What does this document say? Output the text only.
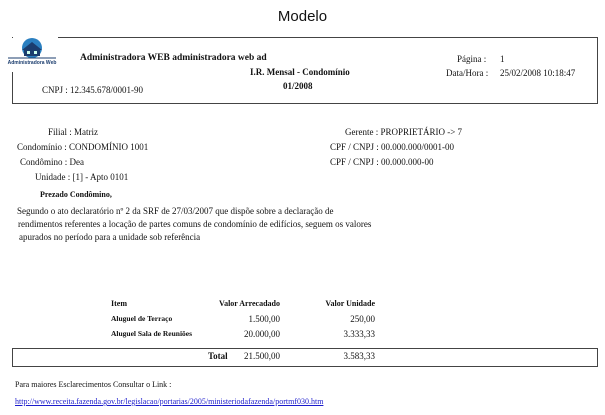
Modelo
Administradora Web Administradora WEB administradora web ad
I.R. Mensal - Condomínio
01/2008
CNPJ : 12.345.678/0001-90
Página : 1
Data/Hora : 25/02/2008 10:18:47
Filial : Matriz	Gerente : PROPRIETÁRIO -> 7
Condomínio : CONDOMÍNIO 1001	CPF / CNPJ : 00.000.000/0001-00
Condômino : Dea	CPF / CNPJ : 00.000.000-00
Unidade : [1] - Apto 0101
Prezado Condômino,
Segundo o ato declaratório nº 2 da SRF de 27/03/2007 que dispõe sobre a declaração de
rendimentos referentes a locação de partes comuns de condomínio de edifícios, seguem os valores
apurados no período para a unidade sob referência
Item	Valor Arrecadado	Valor Unidade
Aluguel de Terraço	1.500,00	250,00
Aluguel Sala de Reuniões	20.000,00	3.333,33
Total	21.500,00	3.583,33
Para maiores Esclarecimentos Consultar o Link :
http://www.receita.fazenda.gov.br/legislacao/portarias/2005/ministeriodafazenda/portmf030.htm
